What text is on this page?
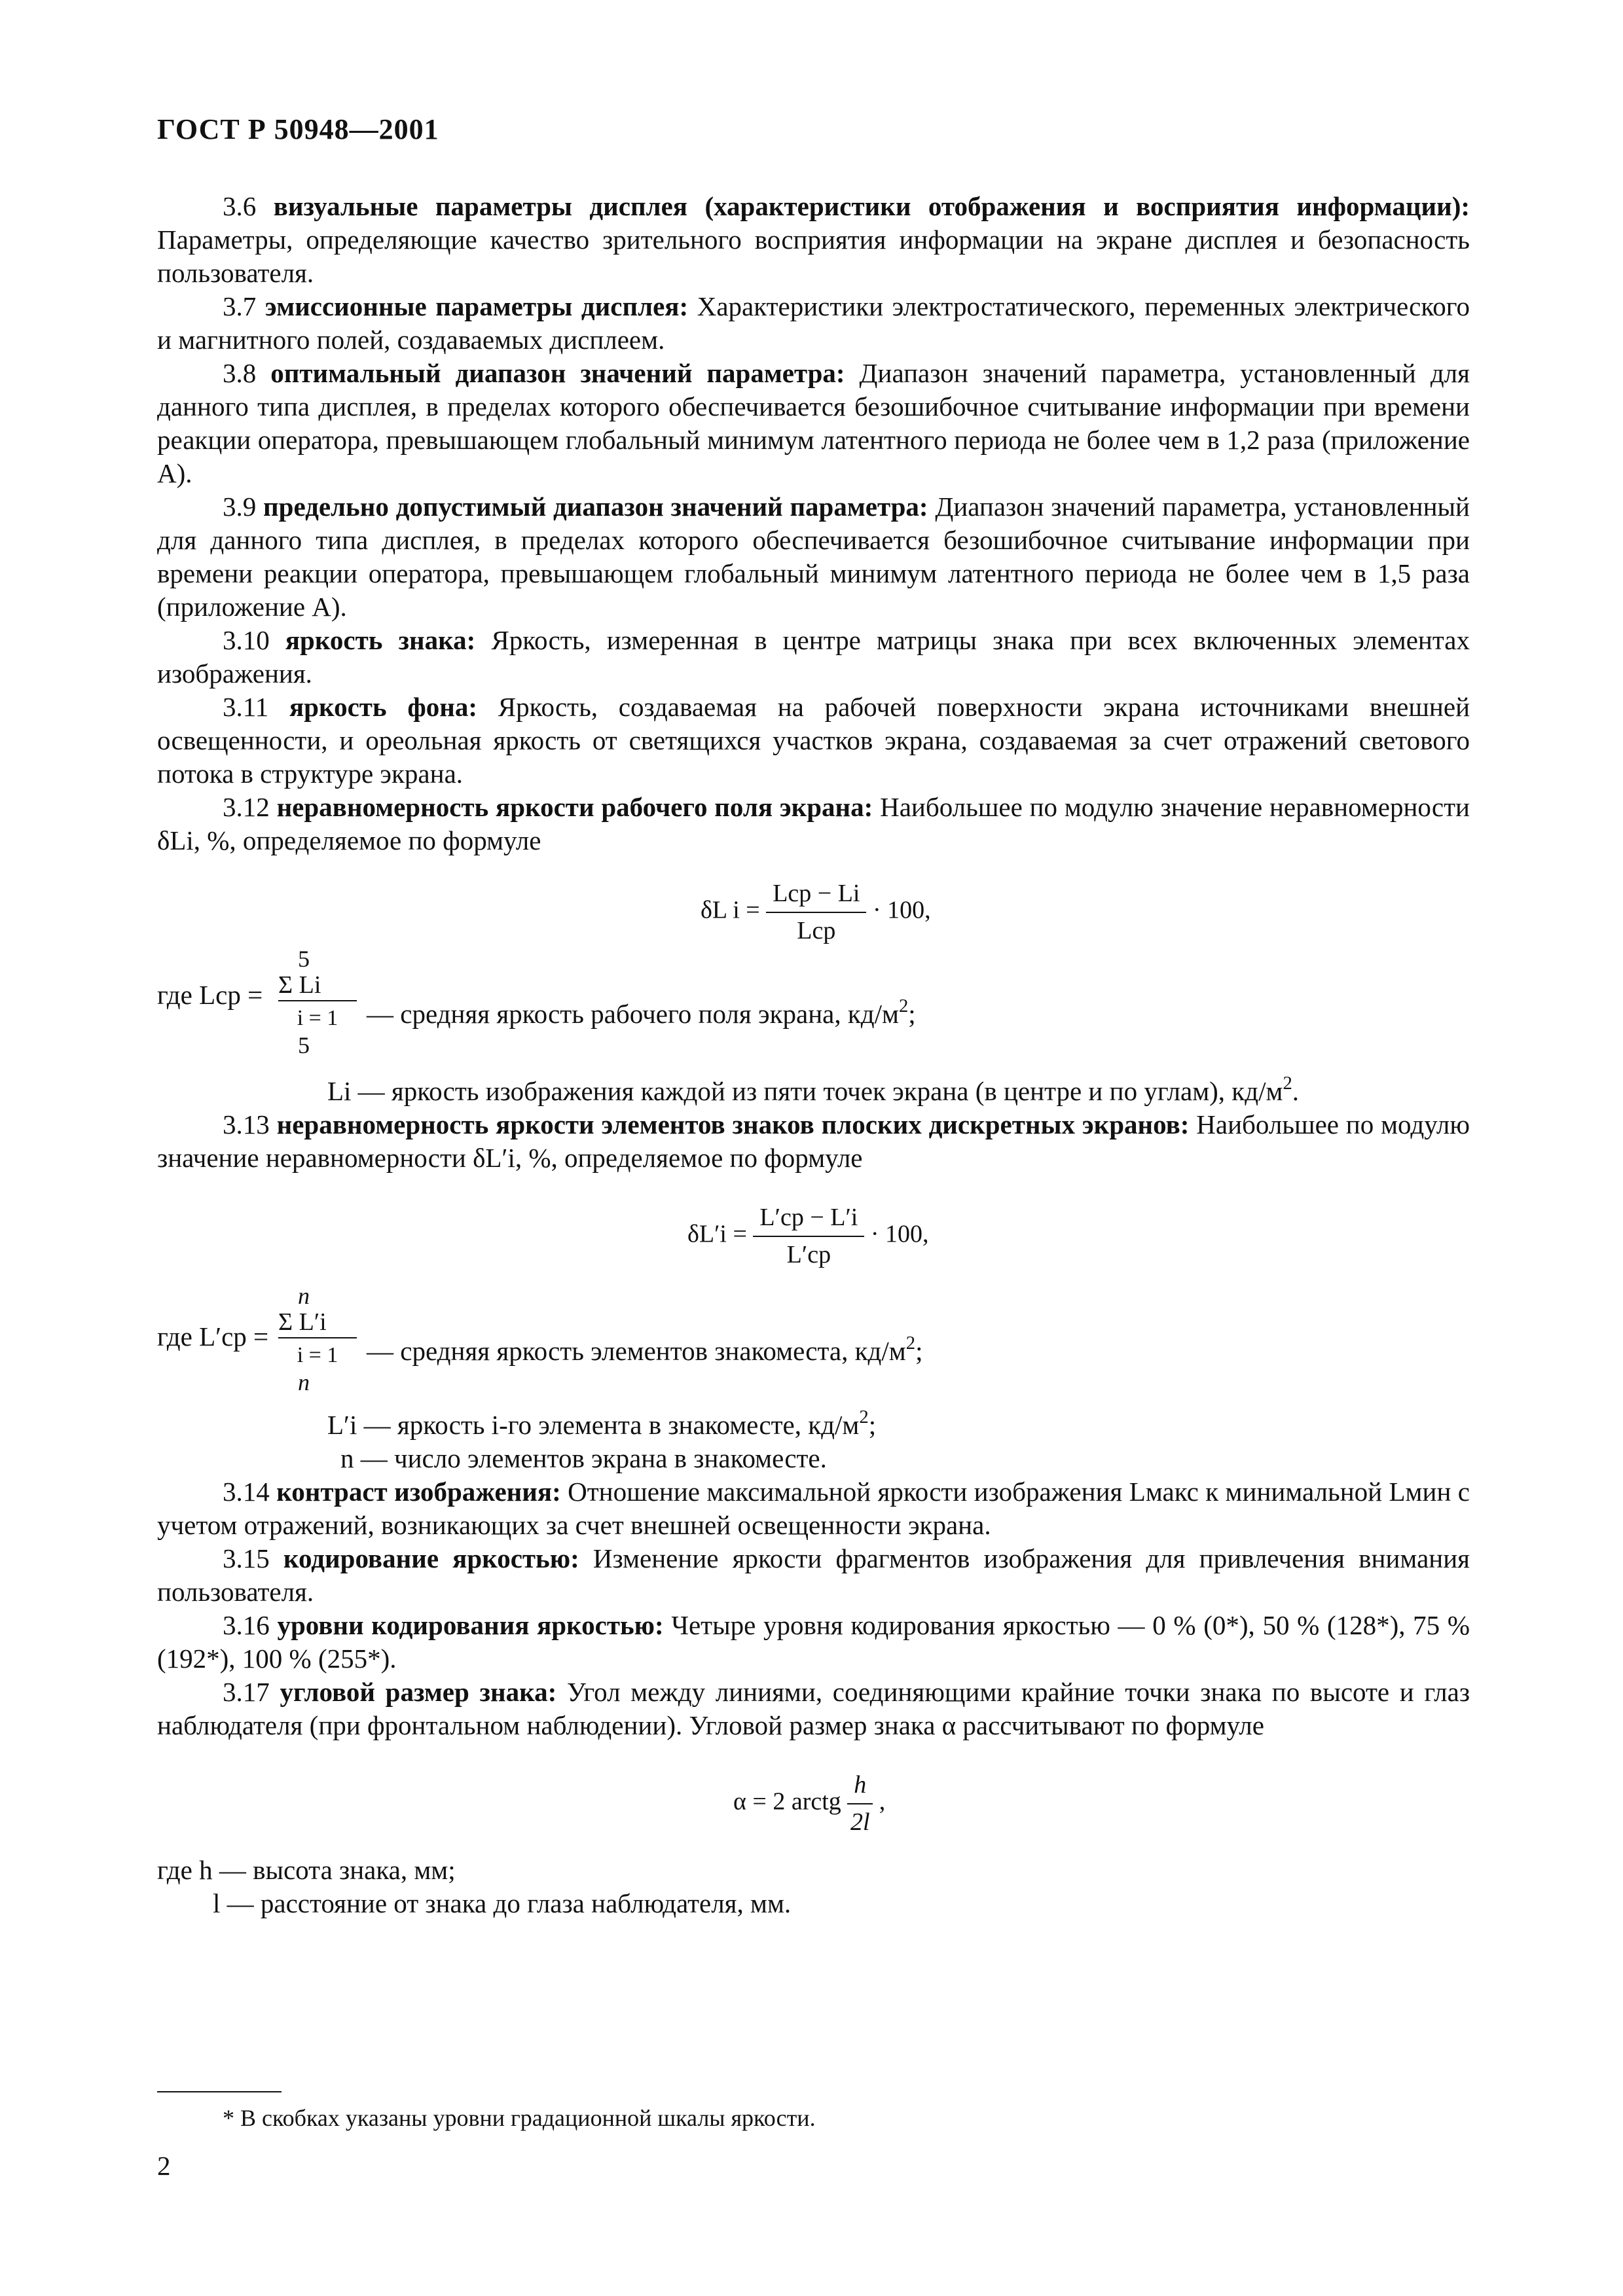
ГОСТ Р 50948—2001

3.6 визуальные параметры дисплея (характеристики отображения и восприятия информации): Параметры, определяющие качество зрительного восприятия информации на экране дисплея и безопасность пользователя.

3.7 эмиссионные параметры дисплея: Характеристики электростатического, переменных электрического и магнитного полей, создаваемых дисплеем.

3.8 оптимальный диапазон значений параметра: Диапазон значений параметра, установленный для данного типа дисплея, в пределах которого обеспечивается безошибочное считывание информации при времени реакции оператора, превышающем глобальный минимум латентного периода не более чем в 1,2 раза (приложение А).

3.9 предельно допустимый диапазон значений параметра: Диапазон значений параметра, установленный для данного типа дисплея, в пределах которого обеспечивается безошибочное считывание информации при времени реакции оператора, превышающем глобальный минимум латентного периода не более чем в 1,5 раза (приложение А).

3.10 яркость знака: Яркость, измеренная в центре матрицы знака при всех включенных элементах изображения.

3.11 яркость фона: Яркость, создаваемая на рабочей поверхности экрана источниками внешней освещенности, и ореольная яркость от светящихся участков экрана, создаваемая за счет отражений светового потока в структуре экрана.

3.12 неравномерность яркости рабочего поля экрана: Наибольшее по модулю значение неравномерности δLi, %, определяемое по формуле

δL $i = \frac{\text{Lср − Li}}{\text{Lср}} \cdot 100$,
5
где Lср = Σ Li
i = 1
5
— средняя яркость рабочего поля экрана, $кд/м^2$;
Li — яркость изображения каждой из пяти точек экрана (в центре и по углам), $кд/м^2$.

3.13 неравномерность яркости элементов знаков плоских дискретных экранов: Наибольшее по модулю значение неравномерности δL′i, %, определяемое по формуле

$\delta L'i = \frac{L'ср - L'i}{L'ср} \cdot 100$,
n
где L′ср = Σ L′i
i = 1
n
— средняя яркость элементов знакоместа, $кд/м^2$;
L′i — яркость i-го элемента в знакоместе, $кд/м^2$;
n — число элементов экрана в знакоместе.

3.14 контраст изображения: Отношение максимальной яркости изображения Lмакс к минимальной Lмин с учетом отражений, возникающих за счет внешней освещенности экрана.

3.15 кодирование яркостью: Изменение яркости фрагментов изображения для привлечения внимания пользователя.

3.16 уровни кодирования яркостью: Четыре уровня кодирования яркостью — 0 % (0*), 50 % (128*), 75 % (192*), 100 % (255*).

3.17 угловой размер знака: Угол между линиями, соединяющими крайние точки знака по высоте и глаз наблюдателя (при фронтальном наблюдении). Угловой размер знака α рассчитывают по формуле

α = 2 arctg $\frac{h}{2l}$ ,
где h — высота знака, мм;
l — расстояние от знака до глаза наблюдателя, мм.
* В скобках указаны уровни градационной шкалы яркости.
2
